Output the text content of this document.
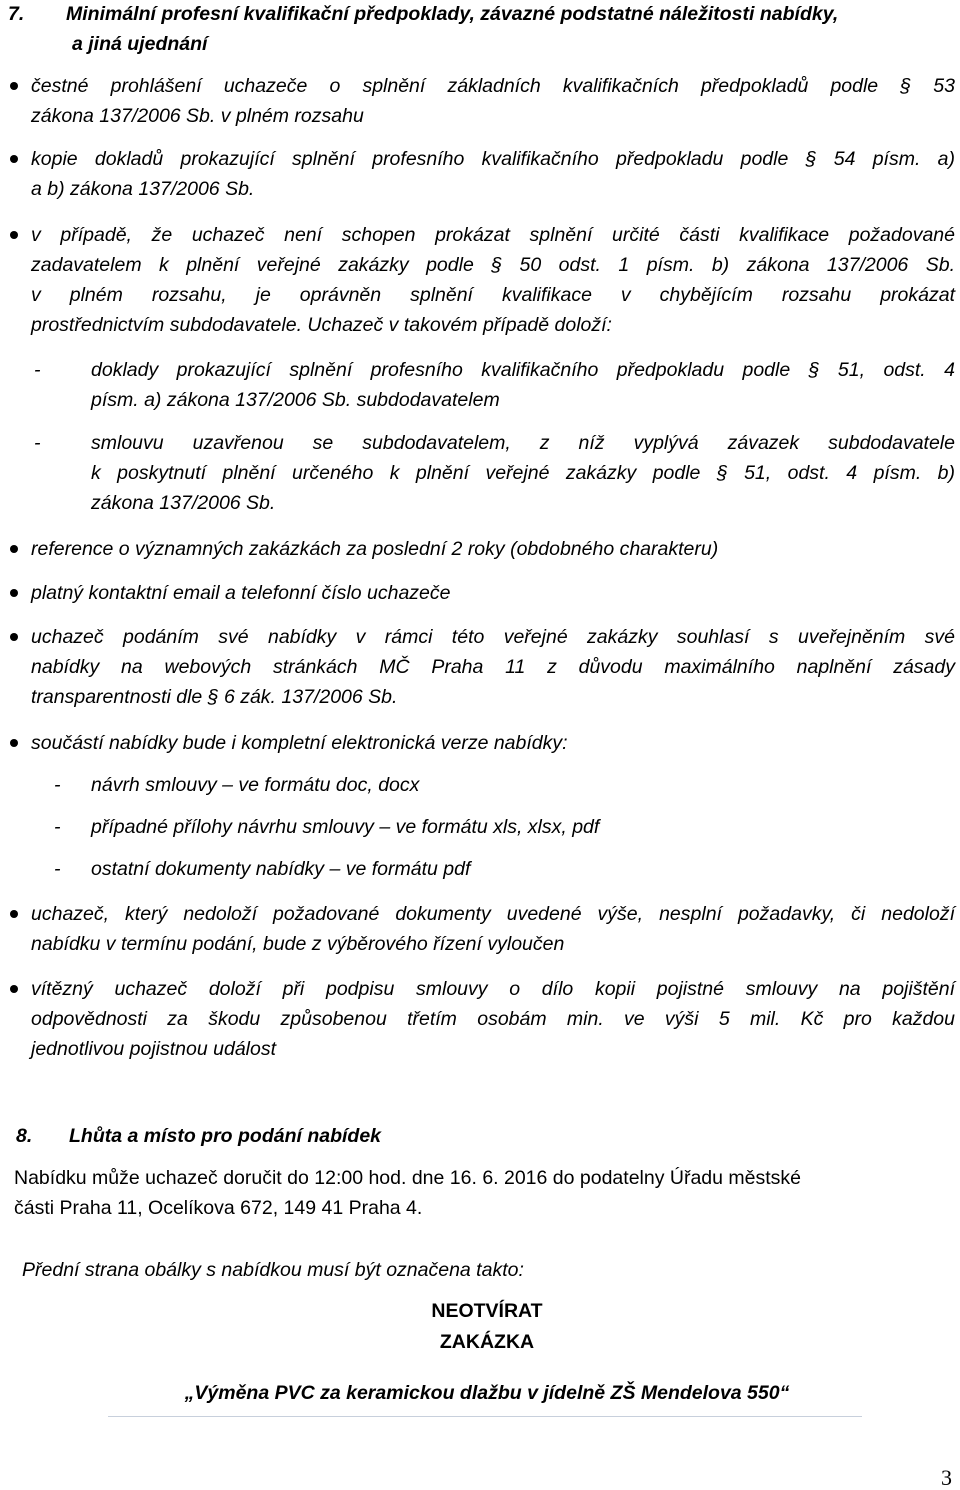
7. Minimální profesní kvalifikační předpoklady, závazné podstatné náležitosti nabídky,
a jiná ujednání
čestné prohlášení uchazeče o splnění základních kvalifikačních předpokladů podle § 53
zákona 137/2006 Sb. v plném rozsahu
kopie dokladů prokazující splnění profesního kvalifikačního předpokladu podle § 54 písm. a)
a b) zákona 137/2006 Sb.
v případě, že uchazeč není schopen prokázat splnění určité části kvalifikace požadované
zadavatelem k plnění veřejné zakázky podle § 50 odst. 1 písm. b) zákona 137/2006 Sb.
v plném rozsahu, je oprávněn splnění kvalifikace v chybějícím rozsahu prokázat
prostřednictvím subdodavatele. Uchazeč v takovém případě doloží:
-	doklady prokazující splnění profesního kvalifikačního předpokladu podle § 51, odst. 4
písm. a) zákona 137/2006 Sb. subdodavatelem
-	smlouvu uzavřenou se subdodavatelem, z níž vyplývá závazek subdodavatele
k poskytnutí plnění určeného k plnění veřejné zakázky podle § 51, odst. 4 písm. b)
zákona 137/2006 Sb.
reference o významných zakázkách za poslední 2 roky (obdobného charakteru)
platný kontaktní email a telefonní číslo uchazeče
uchazeč podáním své nabídky v rámci této veřejné zakázky souhlasí s uveřejněním své
nabídky na webových stránkách MČ Praha 11 z důvodu maximálního naplnění zásady
transparentnosti dle § 6 zák. 137/2006 Sb.
součástí nabídky bude i kompletní elektronická verze nabídky:
- návrh smlouvy – ve formátu doc, docx
- případné přílohy návrhu smlouvy – ve formátu xls, xlsx, pdf
- ostatní dokumenty nabídky – ve formátu pdf
uchazeč, který nedoloží požadované dokumenty uvedené výše, nesplní požadavky, či nedoloží
nabídku v termínu podání, bude z výběrového řízení vyloučen
vítězný uchazeč doloží při podpisu smlouvy o dílo kopii pojistné smlouvy na pojištění
odpovědnosti za škodu způsobenou třetím osobám min. ve výši 5 mil. Kč pro každou
jednotlivou pojistnou událost
8. Lhůta a místo pro podání nabídek
Nabídku může uchazeč doručit do 12:00 hod. dne 16. 6. 2016 do podatelny Úřadu městské
části Praha 11, Ocelíkova 672, 149 41 Praha 4.
Přední strana obálky s nabídkou musí být označena takto:
NEOTVÍRAT
ZAKÁZKA
„Výměna PVC za keramickou dlažbu v jídelně ZŠ Mendelova 550“
3
